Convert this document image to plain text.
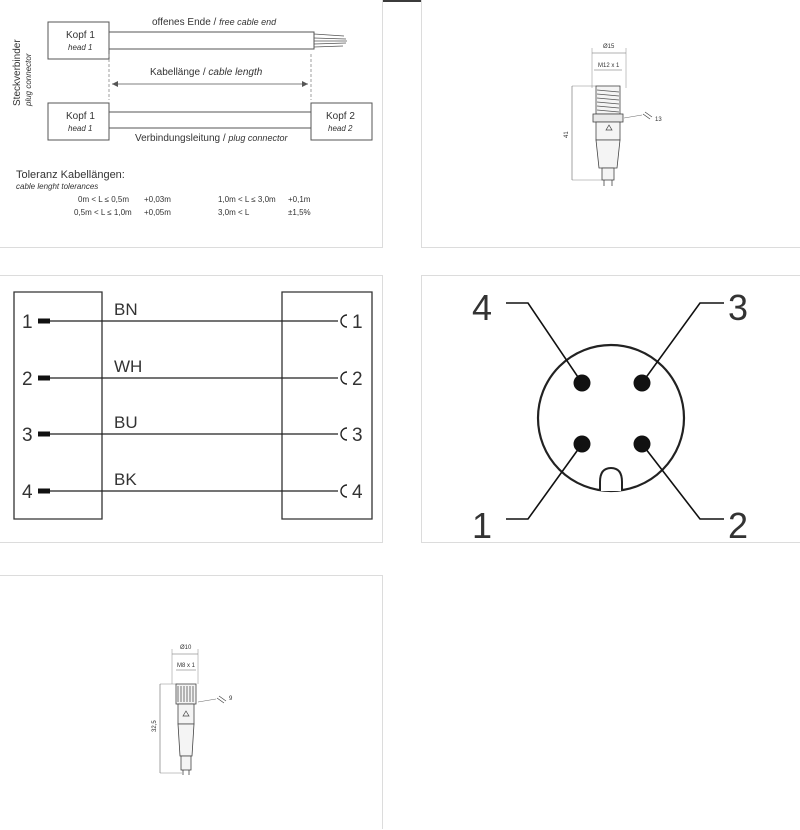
Steckverbinder plug connector
offenes Ende / free cable end
Kopf 1
head 1
Kabellänge / cable length
Kopf 1
head 1
Kopf 2
head 2
Verbindungsleitung / plug connector
Toleranz Kabellängen:
cable lenght tolerances
0m < L ≤ 0,5m +0,03m
0,5m < L ≤ 1,0m +0,05m
1,0m < L ≤ 3,0m +0,1m
3,0m < L	±1,5%
Ø15
M12 x 1
41
13
1
BN
1
2
WH
2
3
BU
3
4
BK
4
4	3
1	2
Ø10
M8 x 1
32,5
9
